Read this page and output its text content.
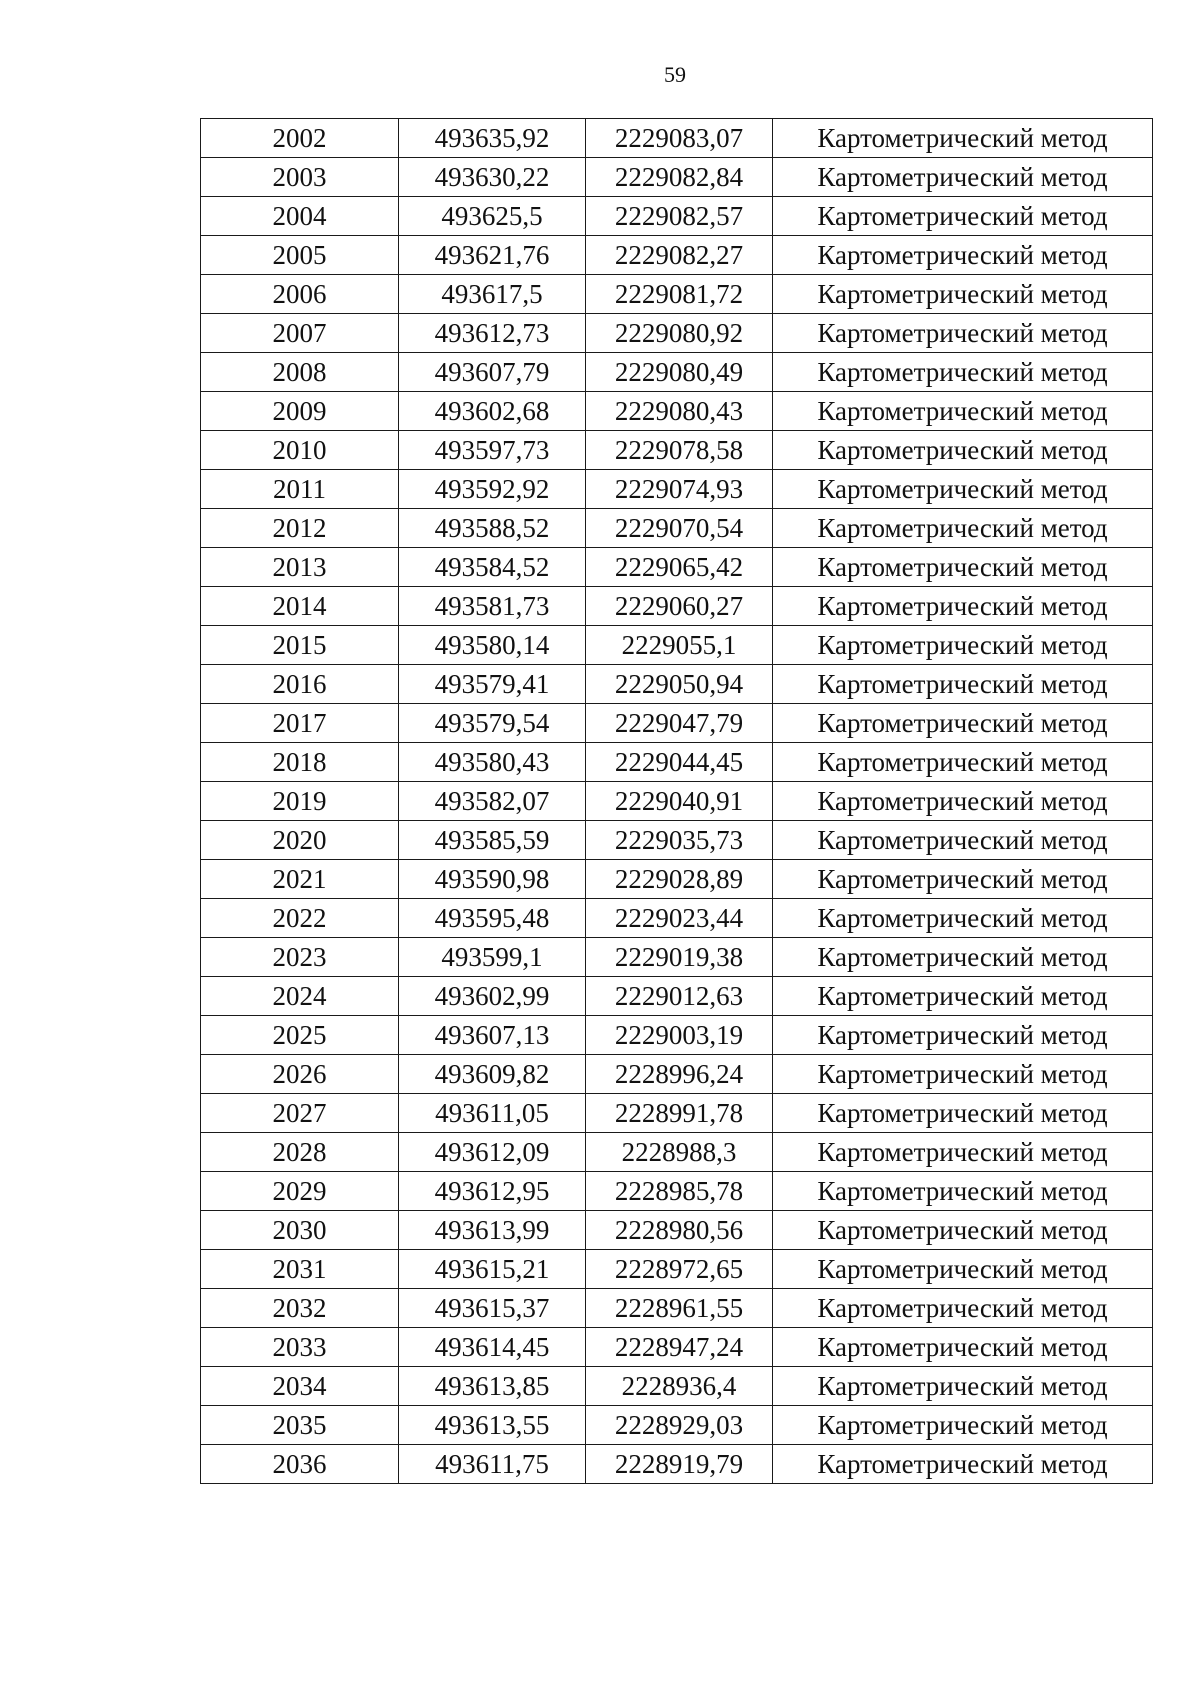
59
2002	493635,92	2229083,07	Картометрический метод
2003	493630,22	2229082,84	Картометрический метод
2004	493625,5	2229082,57	Картометрический метод
2005	493621,76	2229082,27	Картометрический метод
2006	493617,5	2229081,72	Картометрический метод
2007	493612,73	2229080,92	Картометрический метод
2008	493607,79	2229080,49	Картометрический метод
2009	493602,68	2229080,43	Картометрический метод
2010	493597,73	2229078,58	Картометрический метод
2011	493592,92	2229074,93	Картометрический метод
2012	493588,52	2229070,54	Картометрический метод
2013	493584,52	2229065,42	Картометрический метод
2014	493581,73	2229060,27	Картометрический метод
2015	493580,14	2229055,1	Картометрический метод
2016	493579,41	2229050,94	Картометрический метод
2017	493579,54	2229047,79	Картометрический метод
2018	493580,43	2229044,45	Картометрический метод
2019	493582,07	2229040,91	Картометрический метод
2020	493585,59	2229035,73	Картометрический метод
2021	493590,98	2229028,89	Картометрический метод
2022	493595,48	2229023,44	Картометрический метод
2023	493599,1	2229019,38	Картометрический метод
2024	493602,99	2229012,63	Картометрический метод
2025	493607,13	2229003,19	Картометрический метод
2026	493609,82	2228996,24	Картометрический метод
2027	493611,05	2228991,78	Картометрический метод
2028	493612,09	2228988,3	Картометрический метод
2029	493612,95	2228985,78	Картометрический метод
2030	493613,99	2228980,56	Картометрический метод
2031	493615,21	2228972,65	Картометрический метод
2032	493615,37	2228961,55	Картометрический метод
2033	493614,45	2228947,24	Картометрический метод
2034	493613,85	2228936,4	Картометрический метод
2035	493613,55	2228929,03	Картометрический метод
2036	493611,75	2228919,79	Картометрический метод
